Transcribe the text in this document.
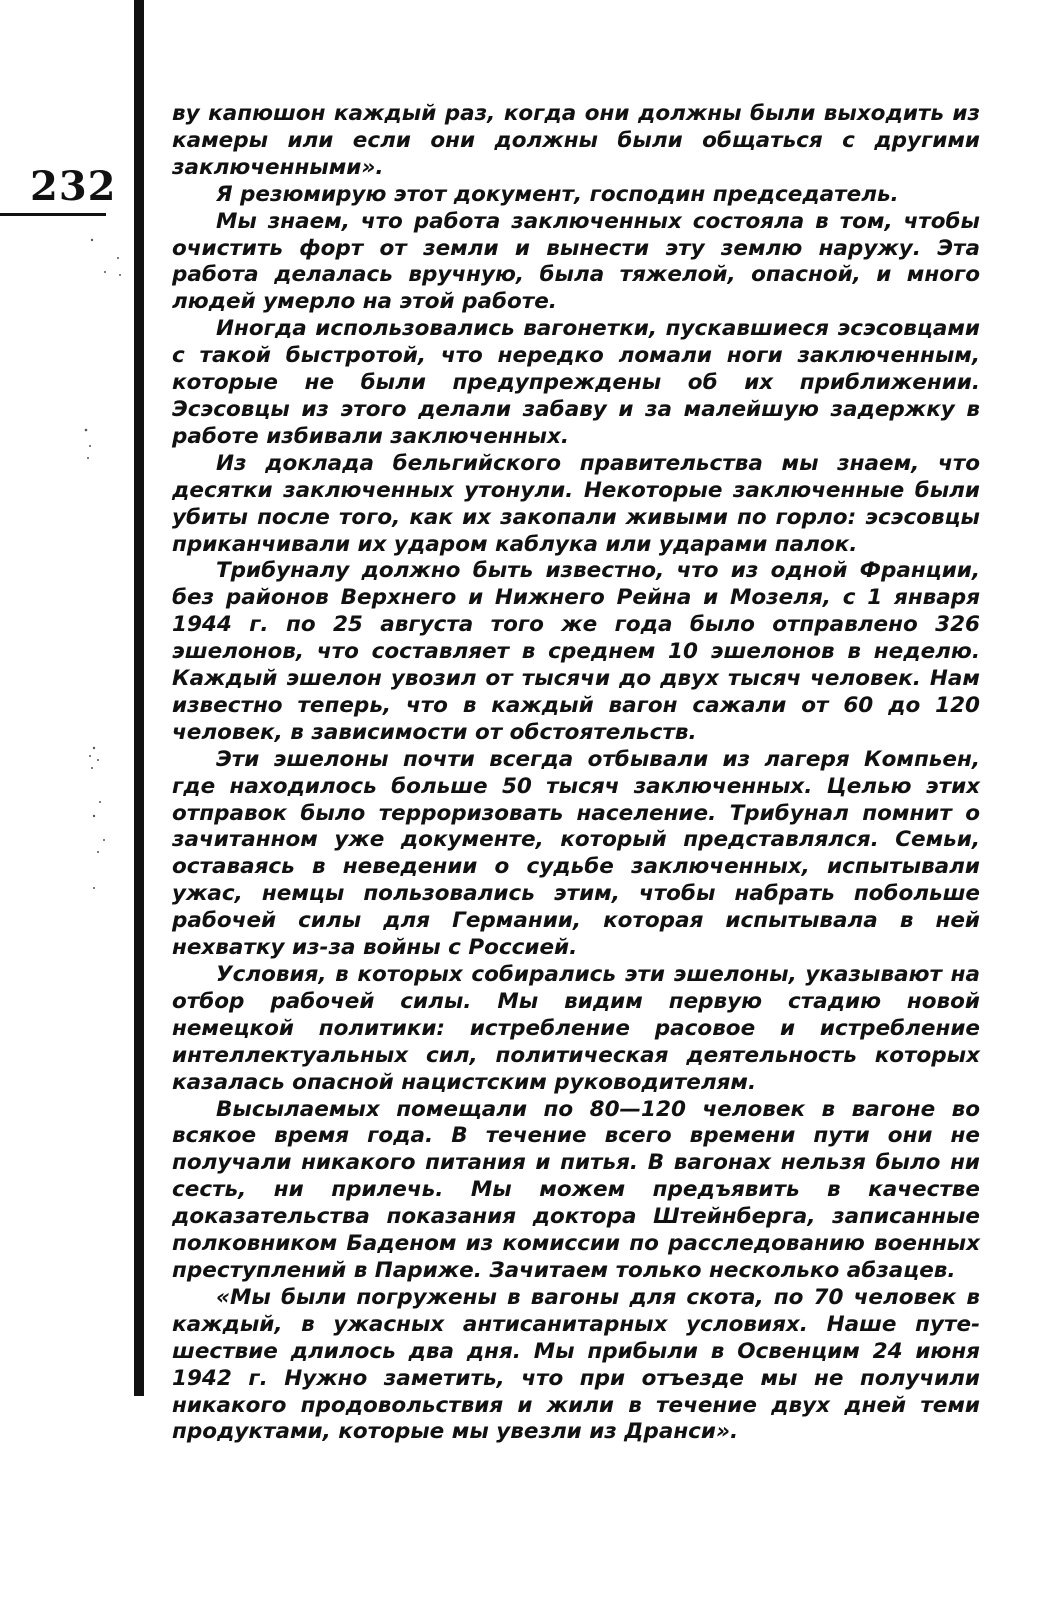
232

ву капюшон каждый раз, когда они должны были выходить из камеры или если они должны были общаться с другими заключенными».

Я резюмирую этот документ, господин председатель.

Мы знаем, что работа заключенных состояла в том, чтобы очистить форт от земли и вынести эту землю наружу. Эта работа делалась вручную, была тяжелой, опасной, и много людей умерло на этой работе.

Иногда использовались вагонетки, пускавшиеся эсэсовцами с такой быстротой, что нередко ломали ноги заключенным, которые не были предупреждены об их приближении. Эсэсовцы из этого делали забаву и за малейшую задержку в работе избивали заключенных.

Из доклада бельгийского правительства мы знаем, что десятки заключенных утонули. Некоторые заключенные были убиты после того, как их закопали живыми по горло: эсэсовцы приканчивали их ударом каблука или ударами палок.

Трибуналу должно быть известно, что из одной Франции, без районов Верхнего и Нижнего Рейна и Мозеля, с 1 января 1944 г. по 25 августа того же года было отправлено 326 эшелонов, что составляет в среднем 10 эшелонов в неделю. Каждый эшелон увозил от тысячи до двух тысяч человек. Нам известно теперь, что в каждый вагон сажали от 60 до 120 человек, в зависимости от обстоятельств.

Эти эшелоны почти всегда отбывали из лагеря Компьен, где находилось больше 50 тысяч заключенных. Целью этих отправок было терроризовать население. Трибунал помнит о зачитанном уже документе, который представлялся. Семьи, оставаясь в неведении о судьбе заключенных, испытывали ужас, немцы пользовались этим, чтобы набрать побольше рабочей силы для Германии, которая испытывала в ней нехватку из-за войны с Россией.

Условия, в которых собирались эти эшелоны, указывают на отбор рабочей силы. Мы видим первую стадию новой немецкой политики: истребление расовое и истребление интеллектуальных сил, политическая деятельность которых казалась опасной нацистским руководителям.

Высылаемых помещали по 80—120 человек в вагоне во всякое время года. В течение всего времени пути они не получали никакого питания и питья. В вагонах нельзя было ни сесть, ни прилечь. Мы можем предъявить в качестве доказательства показания доктора Штейнберга, записанные полковником Баденом из комиссии по расследованию военных преступлений в Париже. Зачитаем только несколько абзацев.

«Мы были погружены в вагоны для скота, по 70 человек в каждый, в ужасных антисанитарных условиях. Наше путешествие длилось два дня. Мы прибыли в Освенцим 24 июня 1942 г. Нужно заметить, что при отъезде мы не получили никакого продовольствия и жили в течение двух дней теми продуктами, которые мы увезли из Дранси».
